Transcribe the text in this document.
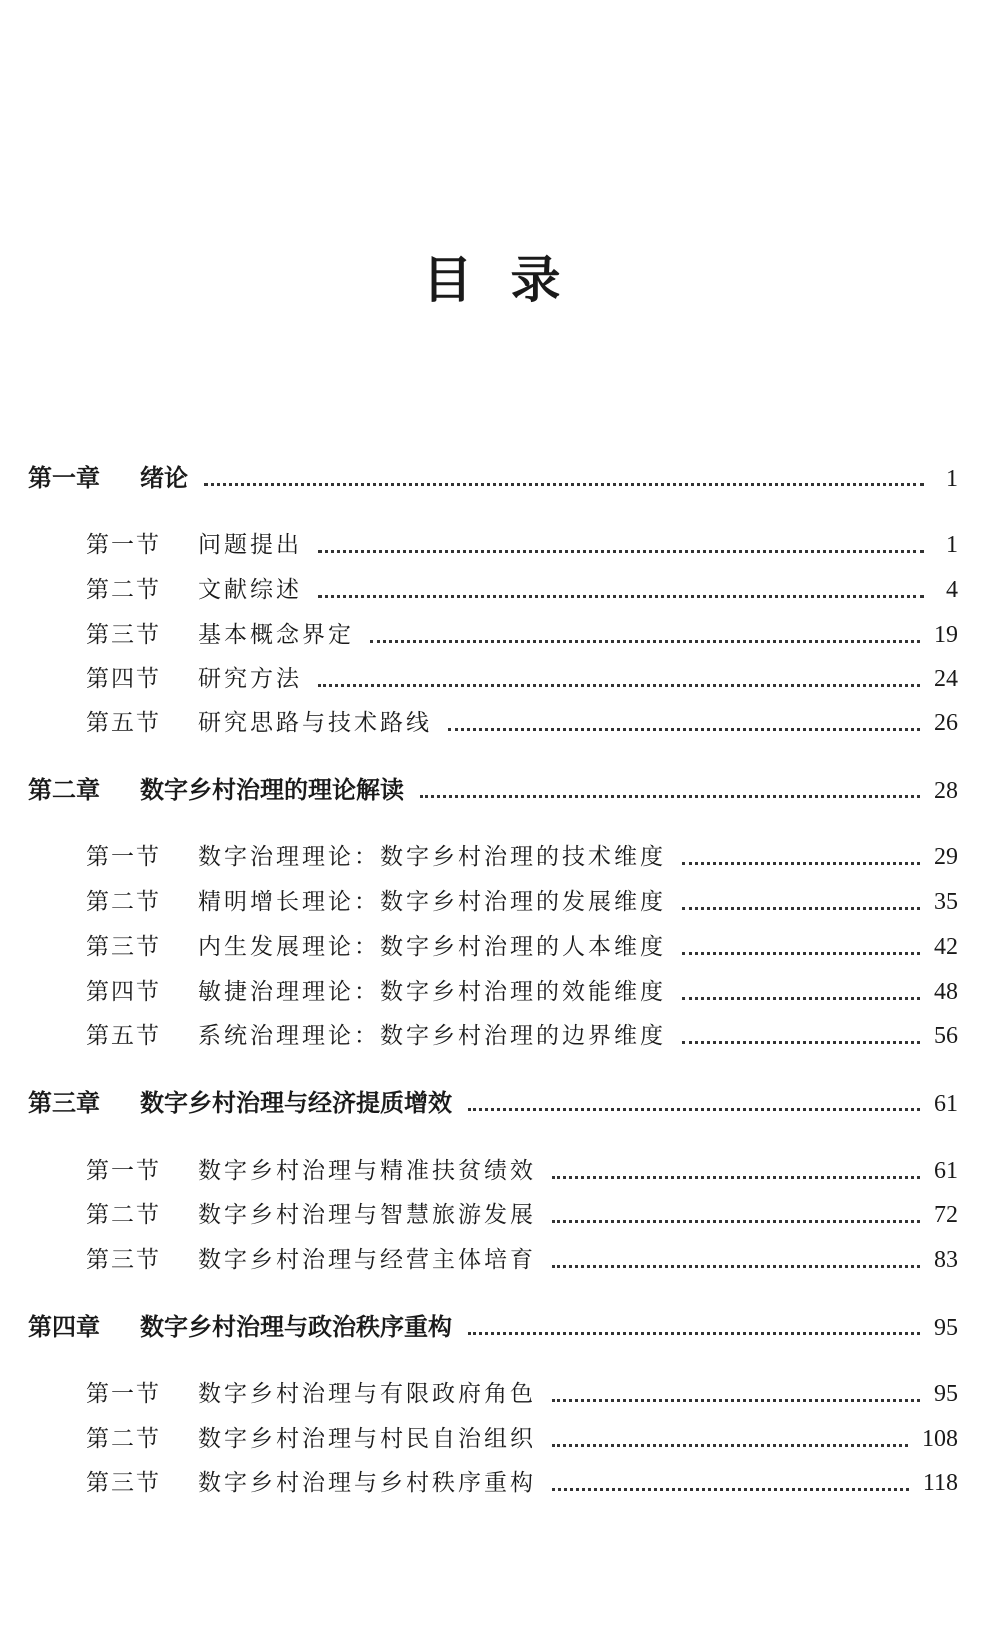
目录
第一章	绪论	1
第一节	问题提出	1
第二节	文献综述	4
第三节	基本概念界定	19
第四节	研究方法	24
第五节	研究思路与技术路线	26
第二章	数字乡村治理的理论解读	28
第一节	数字治理理论：数字乡村治理的技术维度	29
第二节	精明增长理论：数字乡村治理的发展维度	35
第三节	内生发展理论：数字乡村治理的人本维度	42
第四节	敏捷治理理论：数字乡村治理的效能维度	48
第五节	系统治理理论：数字乡村治理的边界维度	56
第三章	数字乡村治理与经济提质增效	61
第一节	数字乡村治理与精准扶贫绩效	61
第二节	数字乡村治理与智慧旅游发展	72
第三节	数字乡村治理与经营主体培育	83
第四章	数字乡村治理与政治秩序重构	95
第一节	数字乡村治理与有限政府角色	95
第二节	数字乡村治理与村民自治组织	108
第三节	数字乡村治理与乡村秩序重构	118
